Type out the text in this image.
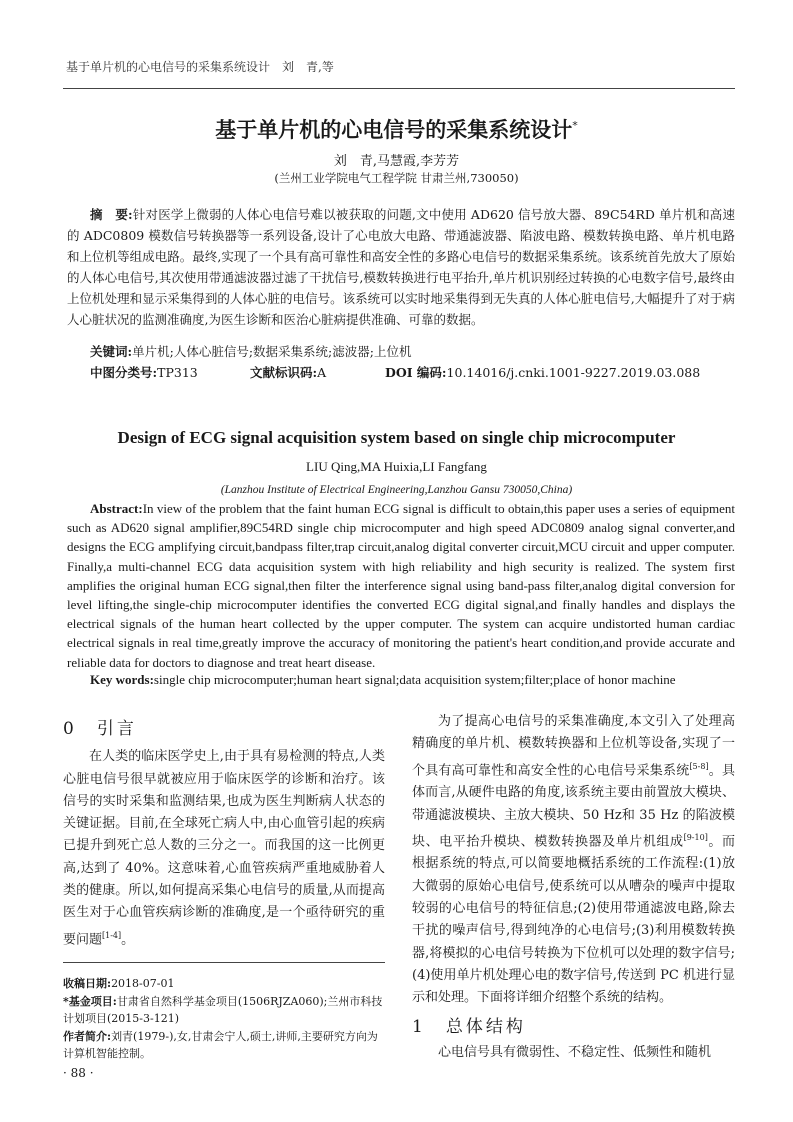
基于单片机的心电信号的采集系统设计　刘　青,等
基于单片机的心电信号的采集系统设计*
刘　青,马慧霞,李芳芳
(兰州工业学院电气工程学院 甘肃兰州,730050)
摘　要:针对医学上微弱的人体心电信号难以被获取的问题,文中使用 AD620 信号放大器、89C54RD 单片机和高速的 ADC0809 模数信号转换器等一系列设备,设计了心电放大电路、带通滤波器、陷波电路、模数转换电路、单片机电路和上位机等组成电路。最终,实现了一个具有高可靠性和高安全性的多路心电信号的数据采集系统。该系统首先放大了原始的人体心电信号,其次使用带通滤波器过滤了干扰信号,模数转换进行电平抬升,单片机识别经过转换的心电数字信号,最终由上位机处理和显示采集得到的人体心脏的电信号。该系统可以实时地采集得到无失真的人体心脏电信号,大幅提升了对于病人心脏状况的监测准确度,为医生诊断和医治心脏病提供准确、可靠的数据。
关键词:单片机;人体心脏信号;数据采集系统;滤波器;上位机
中图分类号:TP313	文献标识码:A	DOI 编码:10.14016/j.cnki.1001-9227.2019.03.088
Design of ECG signal acquisition system based on single chip microcomputer
LIU Qing,MA Huixia,LI Fangfang
(Lanzhou Institute of Electrical Engineering,Lanzhou Gansu 730050,China)
Abstract:In view of the problem that the faint human ECG signal is difficult to obtain,this paper uses a series of equipment such as AD620 signal amplifier,89C54RD single chip microcomputer and high speed ADC0809 analog signal converter,and designs the ECG amplifying circuit,bandpass filter,trap circuit,analog digital converter circuit,MCU circuit and upper computer. Finally,a multi-channel ECG data acquisition system with high reliability and high security is realized. The system first amplifies the original human ECG signal,then filter the interference signal using band-pass filter,analog digital conversion for level lifting,the single-chip microcomputer identifies the converted ECG digital signal,and finally handles and displays the electrical signals of the human heart collected by the upper computer. The system can acquire undistorted human cardiac electrical signals in real time,greatly improve the accuracy of monitoring the patient's heart condition,and provide accurate and reliable data for doctors to diagnose and treat heart disease.
Key words:single chip microcomputer;human heart signal;data acquisition system;filter;place of honor machine
0　 引言

在人类的临床医学史上,由于具有易检测的特点,人类心脏电信号很早就被应用于临床医学的诊断和治疗。该信号的实时采集和监测结果,也成为医生判断病人状态的关键证据。目前,在全球死亡病人中,由心血管引起的疾病已提升到死亡总人数的三分之一。而我国的这一比例更高,达到了 40%。这意味着,心血管疾病严重地威胁着人类的健康。所以,如何提高采集心电信号的质量,从而提高医生对于心血管疾病诊断的准确度,是一个亟待研究的重要问题[1-4]。

收稿日期:2018-07-01
*基金项目:甘肃省自然科学基金项目(1506RJZA060);兰州市科技计划项目(2015-3-121)
作者简介:刘青(1979-),女,甘肃会宁人,硕士,讲师,主要研究方向为计算机智能控制。
· 88 ·

为了提高心电信号的采集准确度,本文引入了处理高精确度的单片机、模数转换器和上位机等设备,实现了一个具有高可靠性和高安全性的心电信号采集系统[5-8]。具体而言,从硬件电路的角度,该系统主要由前置放大模块、带通滤波模块、主放大模块、50 Hz和 35 Hz 的陷波模块、电平抬升模块、模数转换器及单片机组成[9-10]。而根据系统的特点,可以简要地概括系统的工作流程:(1)放大微弱的原始心电信号,使系统可以从嘈杂的噪声中提取较弱的心电信号的特征信息;(2)使用带通滤波电路,除去干扰的噪声信号,得到纯净的心电信号;(3)利用模数转换器,将模拟的心电信号转换为下位机可以处理的数字信号;(4)使用单片机处理心电的数字信号,传送到 PC 机进行显示和处理。下面将详细介绍整个系统的结构。

1　 总体结构

心电信号具有微弱性、不稳定性、低频性和随机
